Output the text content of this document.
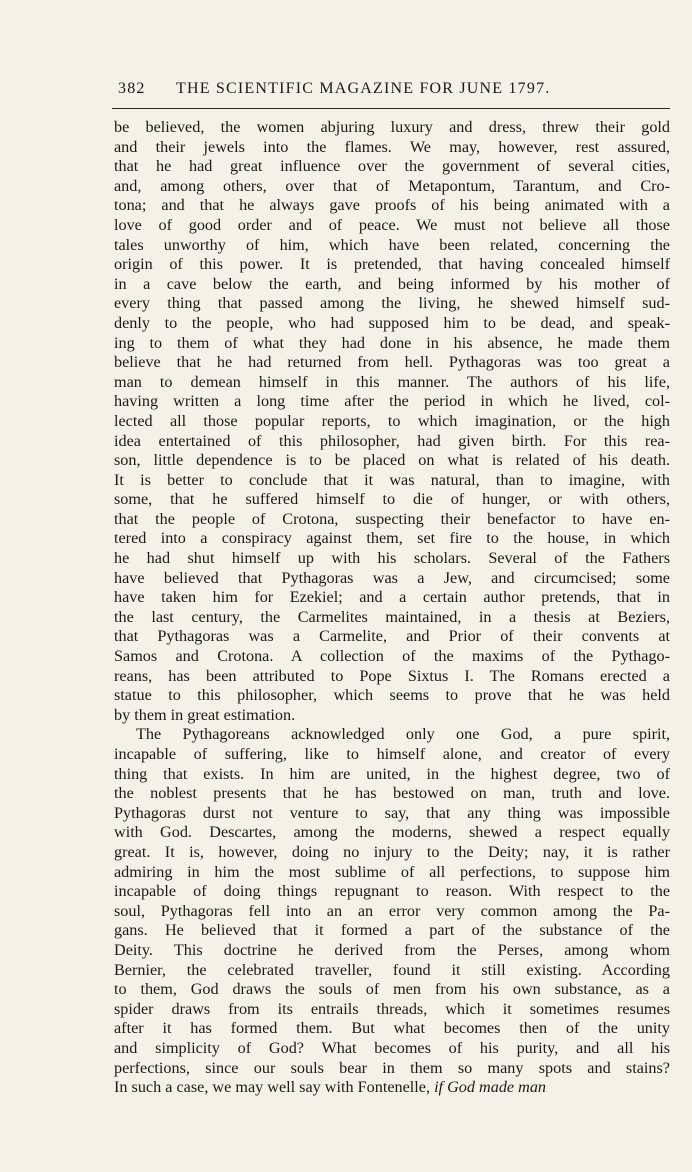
382 THE SCIENTIFIC MAGAZINE FOR JUNE 1797.
be believed, the women abjuring luxury and dress, threw their gold
and their jewels into the flames. We may, however, rest assured,
that he had great influence over the government of several cities,
and, among others, over that of Metapontum, Tarantum, and Cro-
tona; and that he always gave proofs of his being animated with a
love of good order and of peace. We must not believe all those
tales unworthy of him, which have been related, concerning the
origin of this power. It is pretended, that having concealed himself
in a cave below the earth, and being informed by his mother of
every thing that passed among the living, he shewed himself sud-
denly to the people, who had supposed him to be dead, and speak-
ing to them of what they had done in his absence, he made them
believe that he had returned from hell. Pythagoras was too great a
man to demean himself in this manner. The authors of his life,
having written a long time after the period in which he lived, col-
lected all those popular reports, to which imagination, or the high
idea entertained of this philosopher, had given birth. For this rea-
son, little dependence is to be placed on what is related of his death.
It is better to conclude that it was natural, than to imagine, with
some, that he suffered himself to die of hunger, or with others,
that the people of Crotona, suspecting their benefactor to have en-
tered into a conspiracy against them, set fire to the house, in which
he had shut himself up with his scholars. Several of the Fathers
have believed that Pythagoras was a Jew, and circumcised; some
have taken him for Ezekiel; and a certain author pretends, that in
the last century, the Carmelites maintained, in a thesis at Beziers,
that Pythagoras was a Carmelite, and Prior of their convents at
Samos and Crotona. A collection of the maxims of the Pythago-
reans, has been attributed to Pope Sixtus I. The Romans erected a
statue to this philosopher, which seems to prove that he was held
by them in great estimation.
The Pythagoreans acknowledged only one God, a pure spirit,
incapable of suffering, like to himself alone, and creator of every
thing that exists. In him are united, in the highest degree, two of
the noblest presents that he has bestowed on man, truth and love.
Pythagoras durst not venture to say, that any thing was impossible
with God. Descartes, among the moderns, shewed a respect equally
great. It is, however, doing no injury to the Deity; nay, it is rather
admiring in him the most sublime of all perfections, to suppose him
incapable of doing things repugnant to reason. With respect to the
soul, Pythagoras fell into an an error very common among the Pa-
gans. He believed that it formed a part of the substance of the
Deity. This doctrine he derived from the Perses, among whom
Bernier, the celebrated traveller, found it still existing. According
to them, God draws the souls of men from his own substance, as a
spider draws from its entrails threads, which it sometimes resumes
after it has formed them. But what becomes then of the unity
and simplicity of God? What becomes of his purity, and all his
perfections, since our souls bear in them so many spots and stains?
In such a case, we may well say with Fontenelle, if God made man
